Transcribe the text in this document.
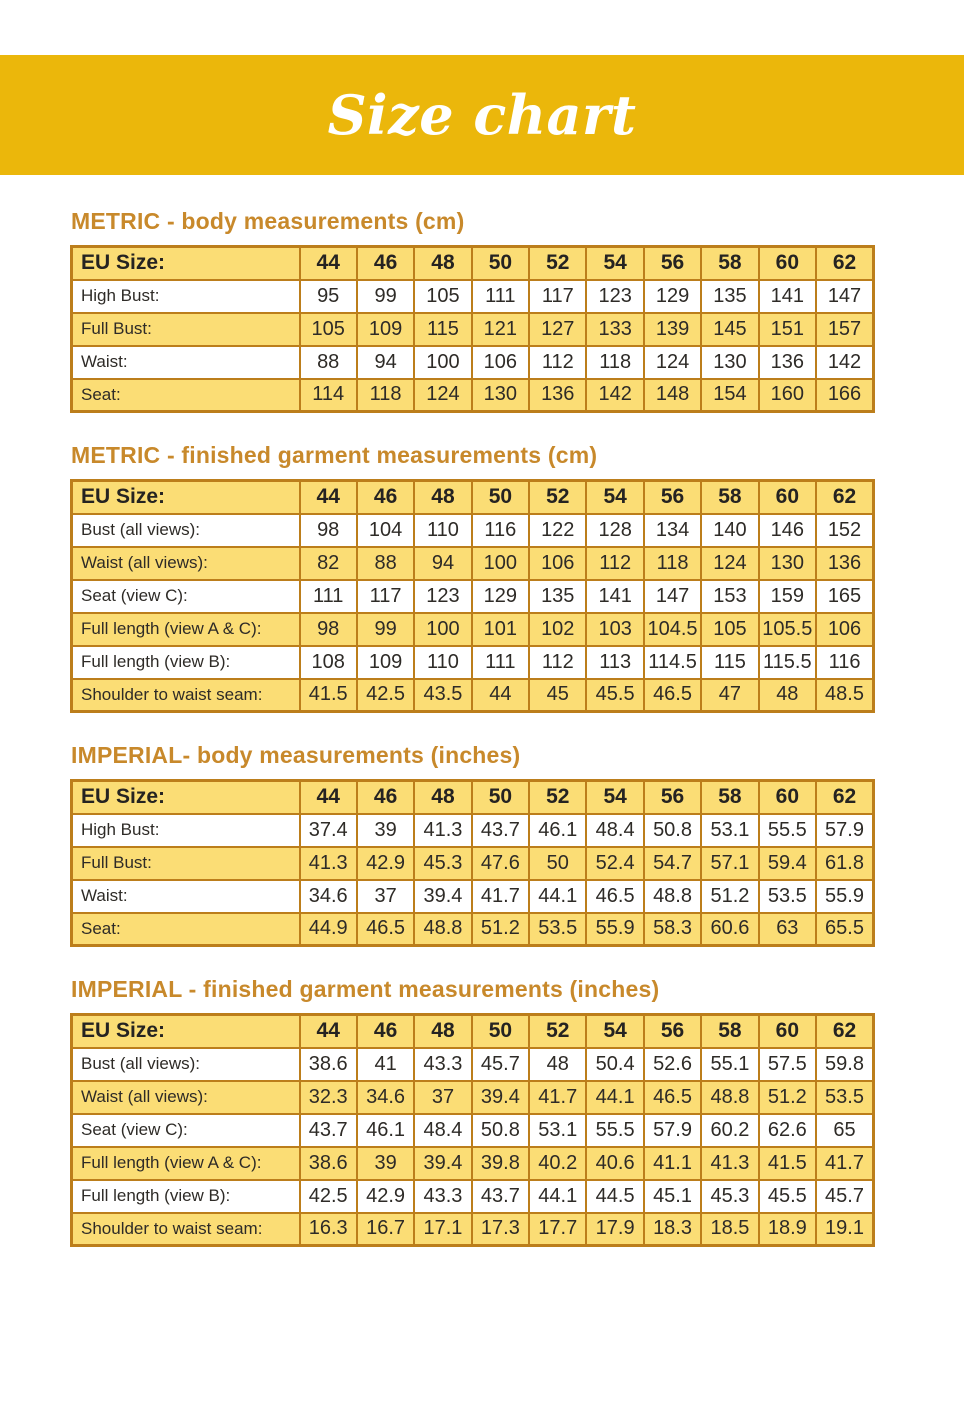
Size chart
METRIC - body measurements (cm)
EU Size:	44	46	48	50	52	54	56	58	60	62
High Bust:	95	99	105	111	117	123	129	135	141	147
Full Bust:	105	109	115	121	127	133	139	145	151	157
Waist:	88	94	100	106	112	118	124	130	136	142
Seat:	114	118	124	130	136	142	148	154	160	166
METRIC - finished garment measurements (cm)
EU Size:	44	46	48	50	52	54	56	58	60	62
Bust (all views):	98	104	110	116	122	128	134	140	146	152
Waist (all views):	82	88	94	100	106	112	118	124	130	136
Seat (view C):	111	117	123	129	135	141	147	153	159	165
Full length (view A & C):	98	99	100	101	102	103	104.5	105	105.5	106
Full length (view B):	108	109	110	111	112	113	114.5	115	115.5	116
Shoulder to waist seam:	41.5	42.5	43.5	44	45	45.5	46.5	47	48	48.5
IMPERIAL- body measurements (inches)
EU Size:	44	46	48	50	52	54	56	58	60	62
High Bust:	37.4	39	41.3	43.7	46.1	48.4	50.8	53.1	55.5	57.9
Full Bust:	41.3	42.9	45.3	47.6	50	52.4	54.7	57.1	59.4	61.8
Waist:	34.6	37	39.4	41.7	44.1	46.5	48.8	51.2	53.5	55.9
Seat:	44.9	46.5	48.8	51.2	53.5	55.9	58.3	60.6	63	65.5
IMPERIAL - finished garment measurements (inches)
EU Size:	44	46	48	50	52	54	56	58	60	62
Bust (all views):	38.6	41	43.3	45.7	48	50.4	52.6	55.1	57.5	59.8
Waist (all views):	32.3	34.6	37	39.4	41.7	44.1	46.5	48.8	51.2	53.5
Seat (view C):	43.7	46.1	48.4	50.8	53.1	55.5	57.9	60.2	62.6	65
Full length (view A & C):	38.6	39	39.4	39.8	40.2	40.6	41.1	41.3	41.5	41.7
Full length (view B):	42.5	42.9	43.3	43.7	44.1	44.5	45.1	45.3	45.5	45.7
Shoulder to waist seam:	16.3	16.7	17.1	17.3	17.7	17.9	18.3	18.5	18.9	19.1
